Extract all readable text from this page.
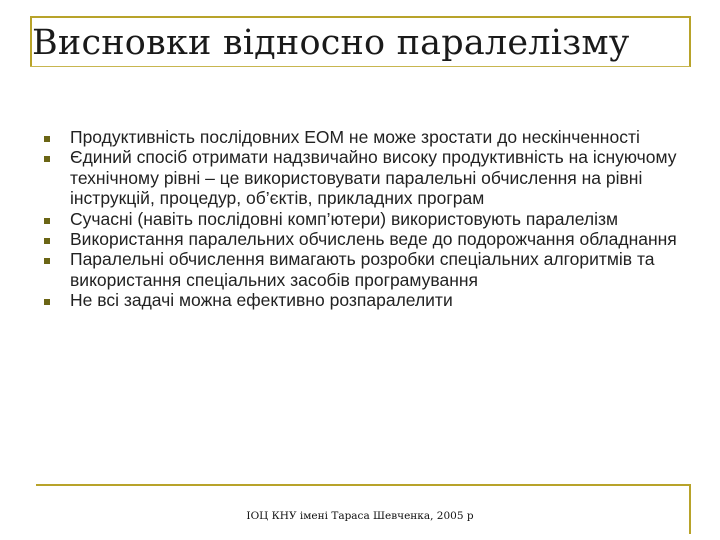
Висновки відносно паралелізму
Продуктивність послідовних ЕОМ не може зростати до нескінченності
Єдиний спосіб отримати надзвичайно високу продуктивність на існуючому технічному рівні – це використовувати паралельні обчислення на рівні інструкцій, процедур, об’єктів, прикладних програм
Сучасні (навіть послідовні комп’ютери) використовують паралелізм
Використання паралельних обчислень веде до подорожчання обладнання
Паралельні обчислення вимагають розробки спеціальних алгоритмів та використання спеціальних засобів програмування
Не всі задачі можна ефективно розпаралелити
ІОЦ КНУ імені Тараса Шевченка, 2005 р
